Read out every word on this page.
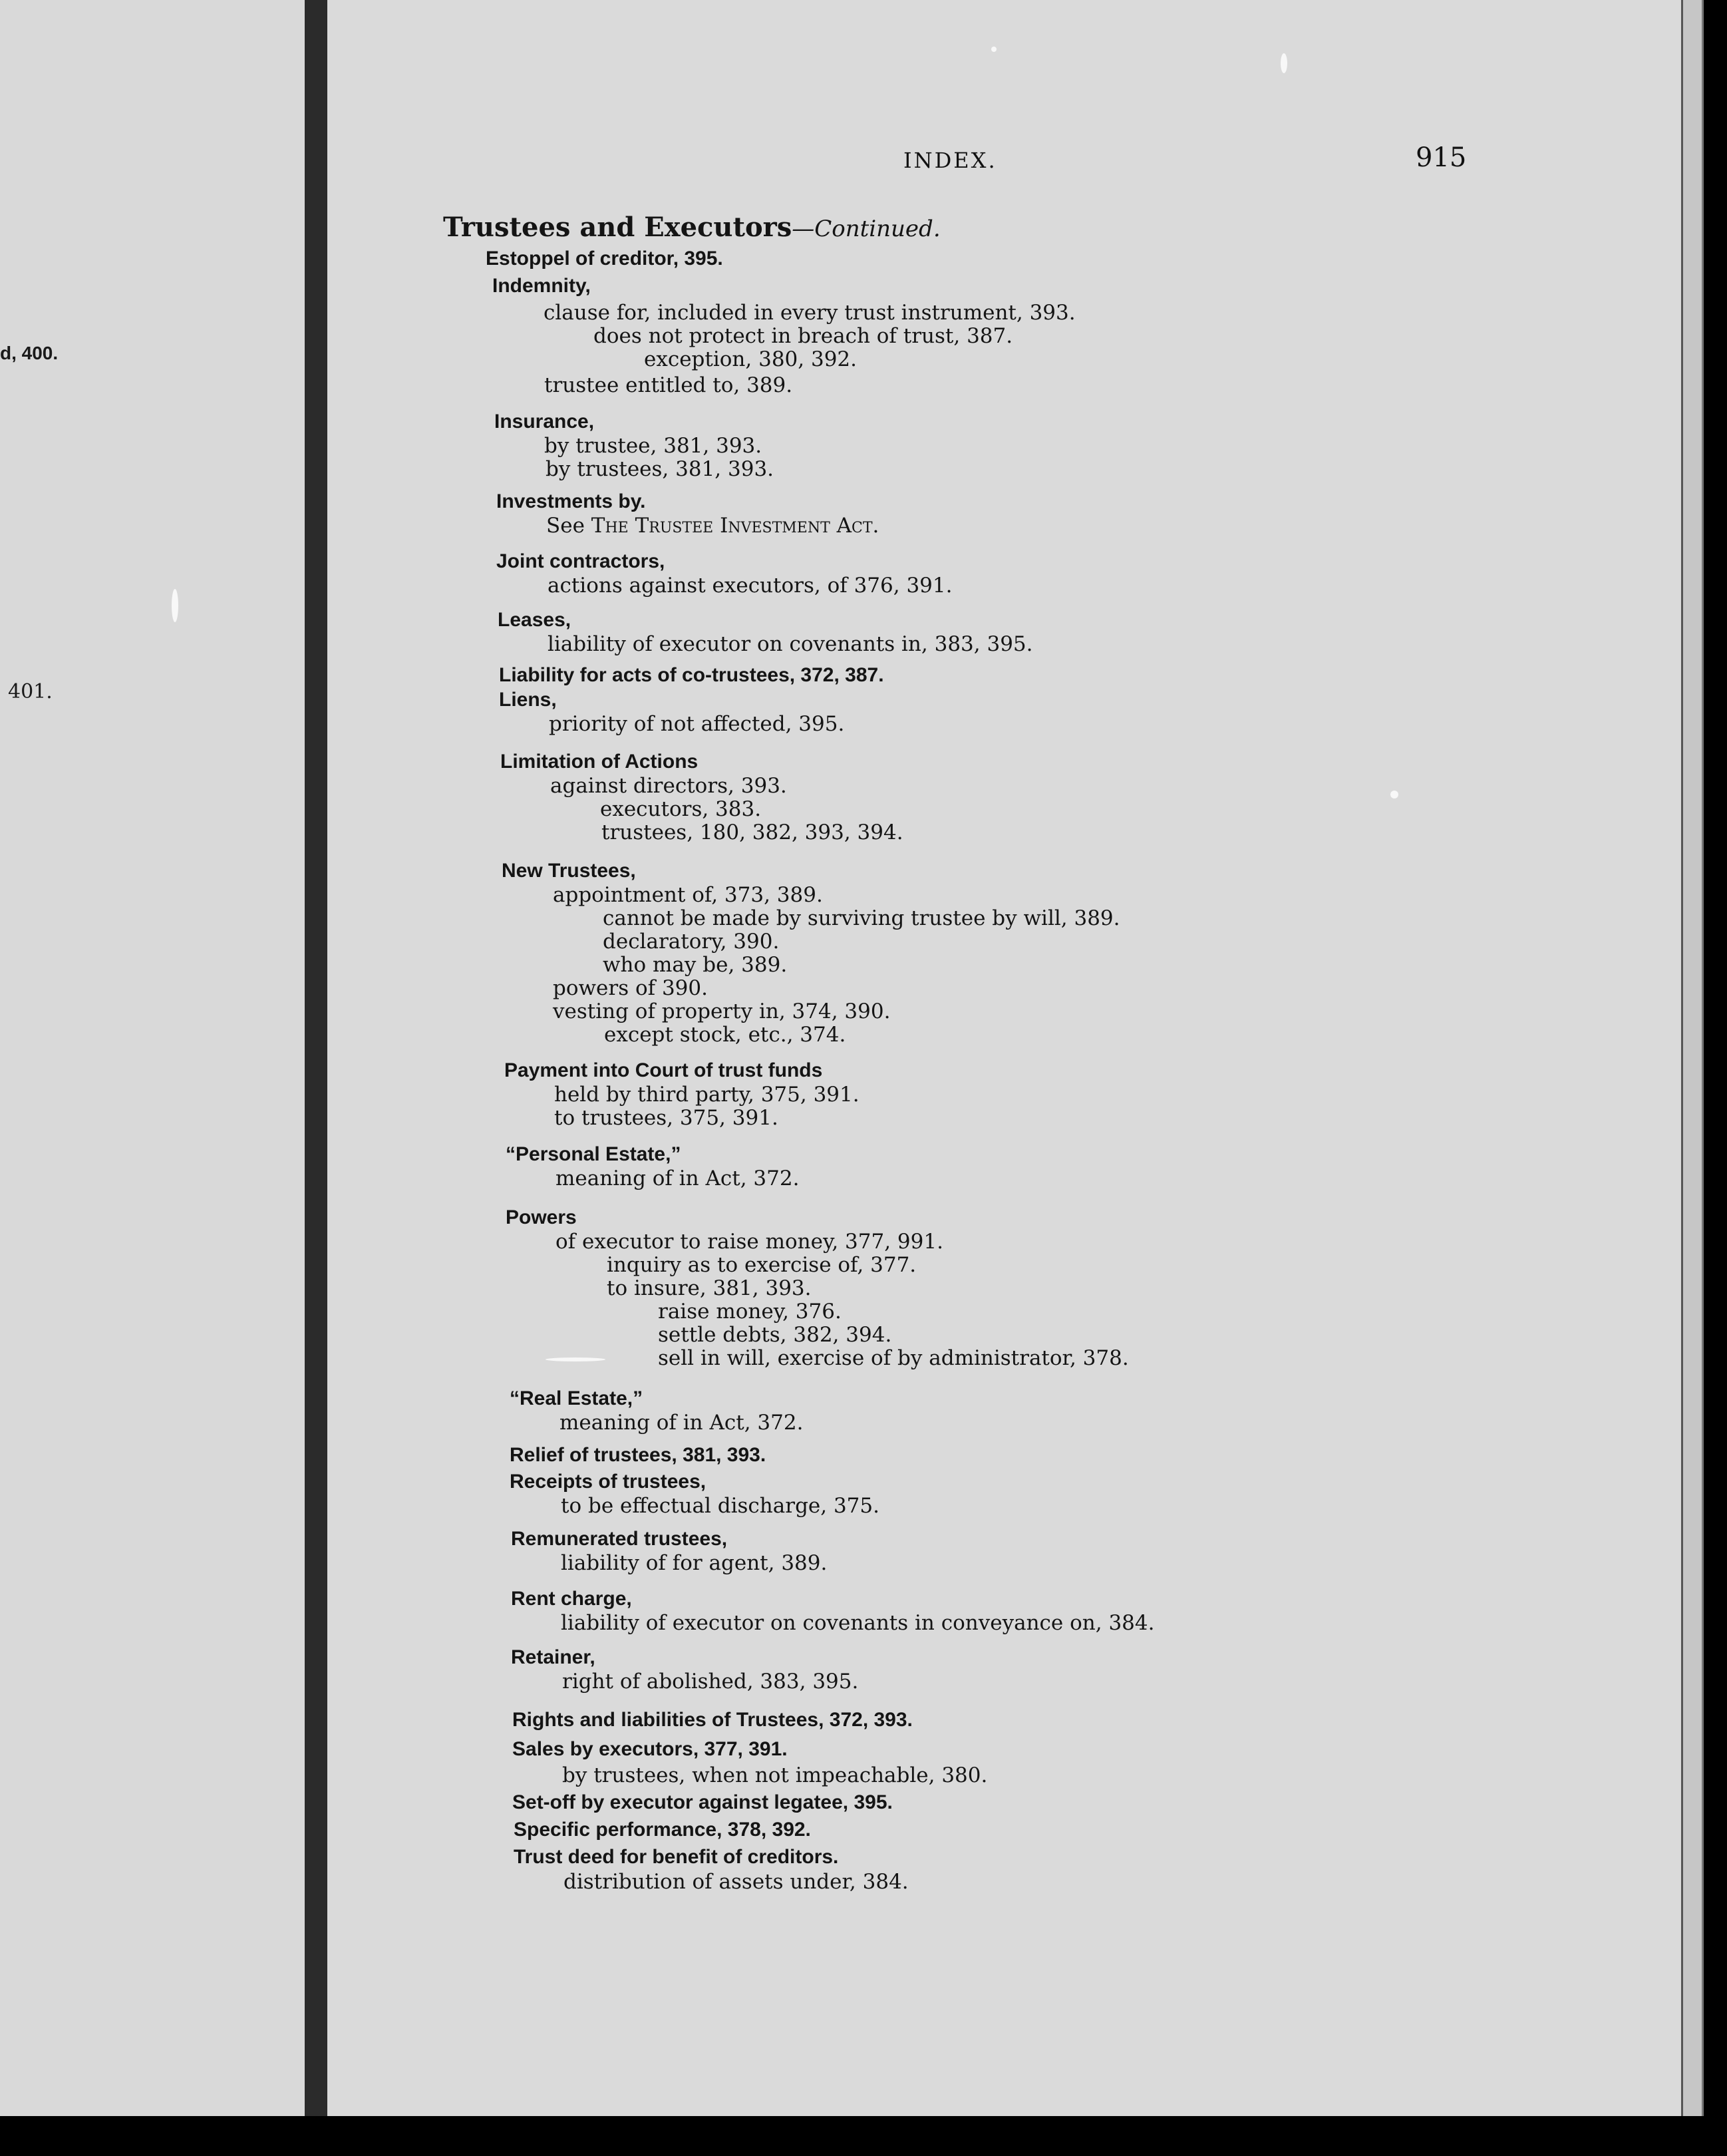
d, 400.
401.
INDEX.	915
Trustees and Executors—Continued.
Estoppel of creditor, 395.
Indemnity,
clause for, included in every trust instrument, 393.
does not protect in breach of trust, 387.
exception, 380, 392.
trustee entitled to, 389.
Insurance,
by trustee, 381, 393.
by trustees, 381, 393.
Investments by.
See The Trustee Investment Act.
Joint contractors,
actions against executors, of 376, 391.
Leases,
liability of executor on covenants in, 383, 395.
Liability for acts of co-trustees, 372, 387.
Liens,
priority of not affected, 395.
Limitation of Actions
against directors, 393.
executors, 383.
trustees, 180, 382, 393, 394.
New Trustees,
appointment of, 373, 389.
cannot be made by surviving trustee by will, 389.
declaratory, 390.
who may be, 389.
powers of 390.
vesting of property in, 374, 390.
except stock, etc., 374.
Payment into Court of trust funds
held by third party, 375, 391.
to trustees, 375, 391.
“Personal Estate,”
meaning of in Act, 372.
Powers
of executor to raise money, 377, 991.
inquiry as to exercise of, 377.
to insure, 381, 393.
raise money, 376.
settle debts, 382, 394.
sell in will, exercise of by administrator, 378.
“Real Estate,”
meaning of in Act, 372.
Relief of trustees, 381, 393.
Receipts of trustees,
to be effectual discharge, 375.
Remunerated trustees,
liability of for agent, 389.
Rent charge,
liability of executor on covenants in conveyance on, 384.
Retainer,
right of abolished, 383, 395.
Rights and liabilities of Trustees, 372, 393.
Sales by executors, 377, 391.
by trustees, when not impeachable, 380.
Set-off by executor against legatee, 395.
Specific performance, 378, 392.
Trust deed for benefit of creditors.
distribution of assets under, 384.
